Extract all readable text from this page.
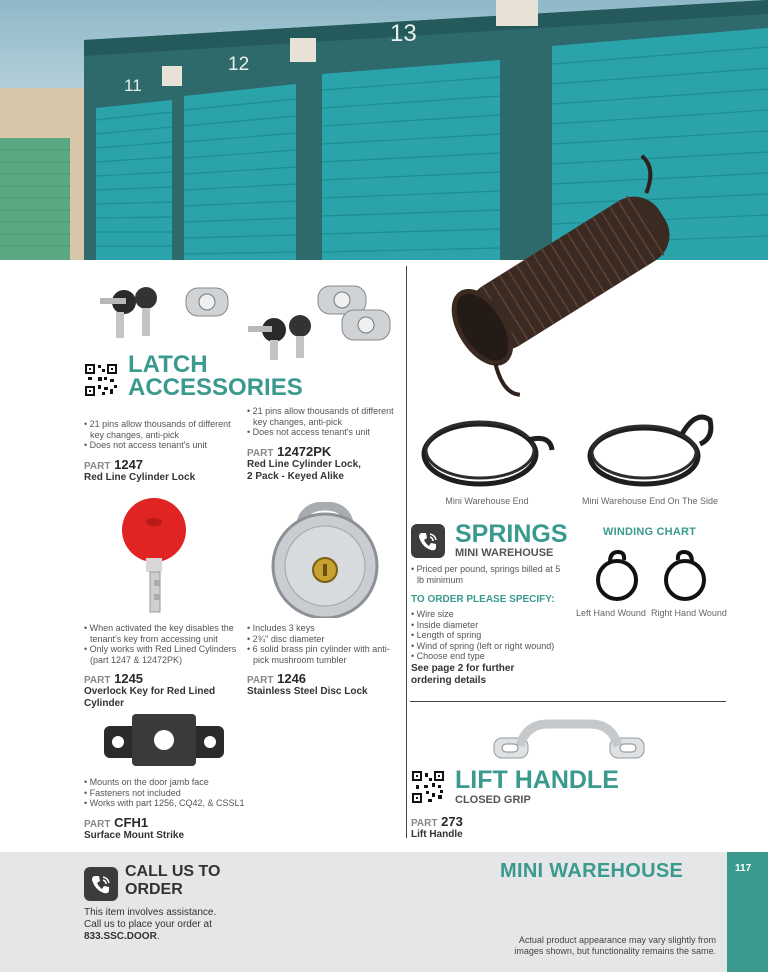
11
12
13
LATCH
ACCESSORIES
• 21 pins allow thousands of different key changes, anti-pick
• Does not access tenant's unit
PART 1247
Red Line Cylinder Lock
• 21 pins allow thousands of different key changes, anti-pick
• Does not access tenant's unit
PART 12472PK
Red Line Cylinder Lock,
2 Pack - Keyed Alike
• When activated the key disables the tenant's key from accessing unit
• Only works with Red Lined Cylinders (part 1247 & 12472PK)
PART 1245
Overlock Key for Red Lined Cylinder
• Includes 3 keys
• 2¾" disc diameter
• 6 solid brass pin cylinder with anti-pick mushroom tumbler
PART 1246
Stainless Steel Disc Lock
• Mounts on the door jamb face
• Fasteners not included
• Works with part 1256, CQ42, & CSSL1
PART CFH1
Surface Mount Strike
Mini Warehouse End	Mini Warehouse End On The Side
SPRINGS
MINI WAREHOUSE
• Priced per pound, springs billed at 5 lb minimum
TO ORDER PLEASE SPECIFY:
• Wire size
• Inside diameter
• Length of spring
• Wind of spring (left or right wound)
• Choose end type
See page 2 for further
ordering details
WINDING CHART
Left Hand Wound Right Hand Wound
LIFT HANDLE
CLOSED GRIP
PART 273
Lift Handle
117
CALL US TO
ORDER
This item involves assistance.
Call us to place your order at
833.SSC.DOOR.
MINI WAREHOUSE
Actual product appearance may vary slightly from
images shown, but functionality remains the same.
